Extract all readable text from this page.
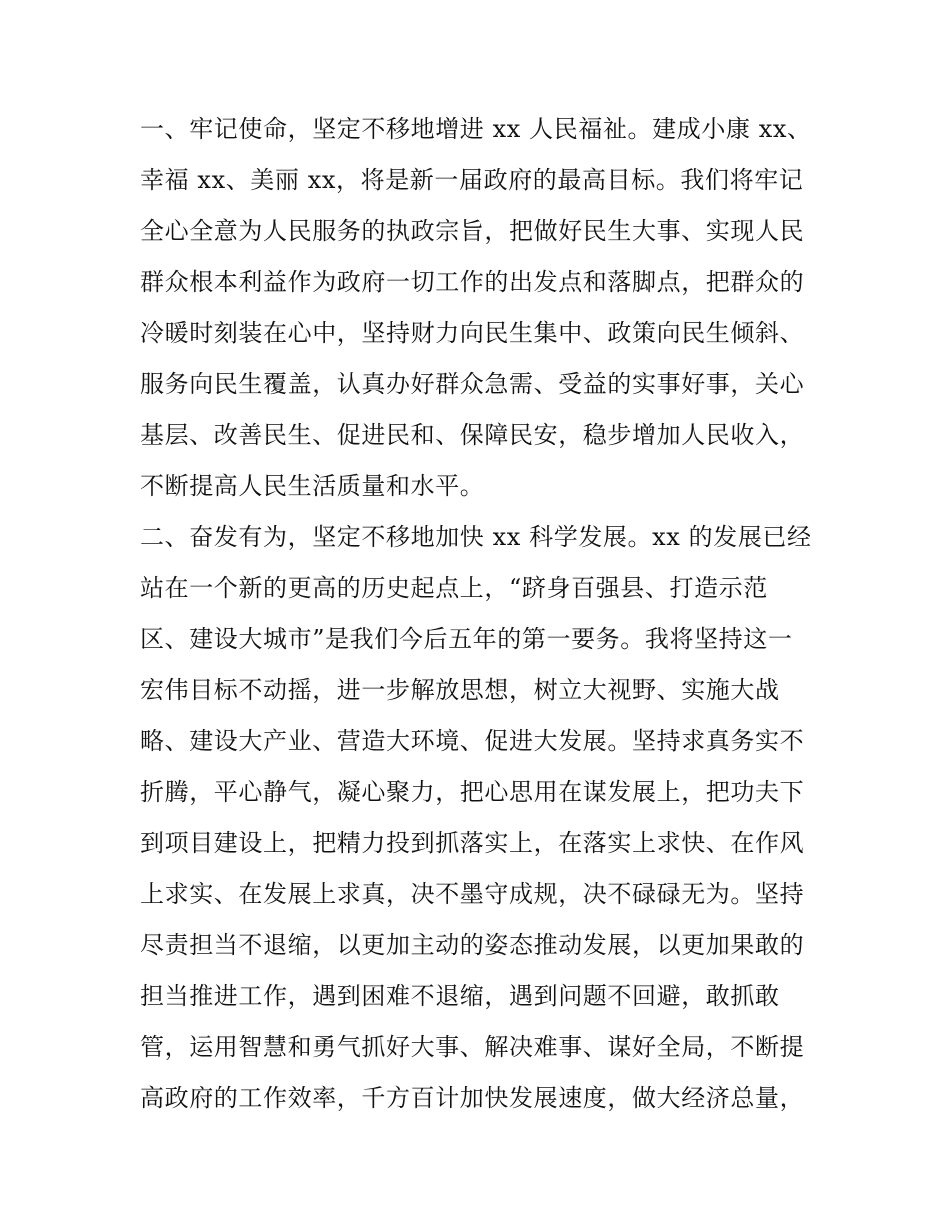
一、牢记使命，坚定不移地增进 xx 人民福祉。建成小康 xx、
幸福 xx、美丽 xx，将是新一届政府的最高目标。我们将牢记
全心全意为人民服务的执政宗旨，把做好民生大事、实现人民
群众根本利益作为政府一切工作的出发点和落脚点，把群众的
冷暖时刻装在心中，坚持财力向民生集中、政策向民生倾斜、
服务向民生覆盖，认真办好群众急需、受益的实事好事，关心
基层、改善民生、促进民和、保障民安，稳步增加人民收入，
不断提高人民生活质量和水平。
二、奋发有为，坚定不移地加快 xx 科学发展。xx 的发展已经
站在一个新的更高的历史起点上，“跻身百强县、打造示范
区、建设大城市”是我们今后五年的第一要务。我将坚持这一
宏伟目标不动摇，进一步解放思想，树立大视野、实施大战
略、建设大产业、营造大环境、促进大发展。坚持求真务实不
折腾，平心静气，凝心聚力，把心思用在谋发展上，把功夫下
到项目建设上，把精力投到抓落实上，在落实上求快、在作风
上求实、在发展上求真，决不墨守成规，决不碌碌无为。坚持
尽责担当不退缩，以更加主动的姿态推动发展，以更加果敢的
担当推进工作，遇到困难不退缩，遇到问题不回避，敢抓敢
管，运用智慧和勇气抓好大事、解决难事、谋好全局，不断提
高政府的工作效率，千方百计加快发展速度，做大经济总量，
